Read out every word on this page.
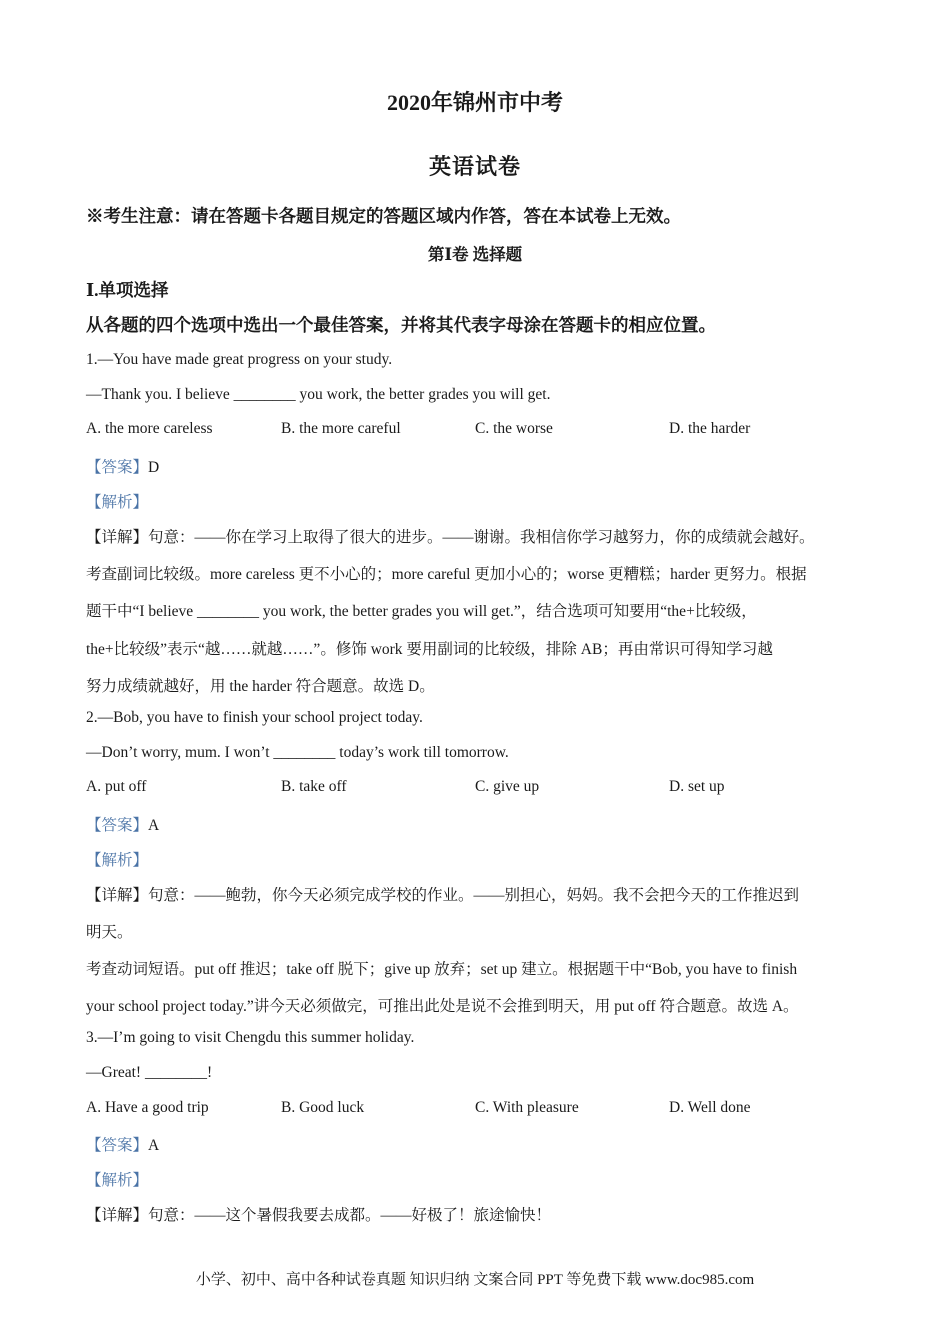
2020年锦州市中考
英语试卷
※考生注意：请在答题卡各题目规定的答题区域内作答，答在本试卷上无效。
第Ⅰ卷 选择题
Ⅰ.单项选择
从各题的四个选项中选出一个最佳答案，并将其代表字母涂在答题卡的相应位置。
1.—You have made great progress on your study.
—Thank you. I believe ________ you work, the better grades you will get.
A. the more careless	B. the more careful	C. the worse	D. the harder
【答案】D
【解析】
【详解】句意：——你在学习上取得了很大的进步。——谢谢。我相信你学习越努力，你的成绩就会越好。
考查副词比较级。more careless 更不小心的；more careful 更加小心的；worse 更糟糕；harder 更努力。根据
题干中“I believe ________ you work, the better grades you will get.”，结合选项可知要用“the+比较级，
the+比较级”表示“越……就越……”。修饰 work 要用副词的比较级，排除 AB；再由常识可得知学习越
努力成绩就越好，用 the harder 符合题意。故选 D。
2.—Bob, you have to finish your school project today.
—Don’t worry, mum. I won’t ________ today’s work till tomorrow.
A. put off	B. take off	C. give up	D. set up
【答案】A
【解析】
【详解】句意：——鲍勃，你今天必须完成学校的作业。——别担心，妈妈。我不会把今天的工作推迟到
明天。
考查动词短语。put off 推迟；take off 脱下；give up 放弃；set up 建立。根据题干中“Bob, you have to finish
your school project today.”讲今天必须做完，可推出此处是说不会推到明天，用 put off 符合题意。故选 A。
3.—I’m going to visit Chengdu this summer holiday.
—Great! ________!
A. Have a good trip	B. Good luck	C. With pleasure	D. Well done
【答案】A
【解析】
【详解】句意：——这个暑假我要去成都。——好极了！旅途愉快！
小学、初中、高中各种试卷真题 知识归纳 文案合同 PPT 等免费下载 www.doc985.com
